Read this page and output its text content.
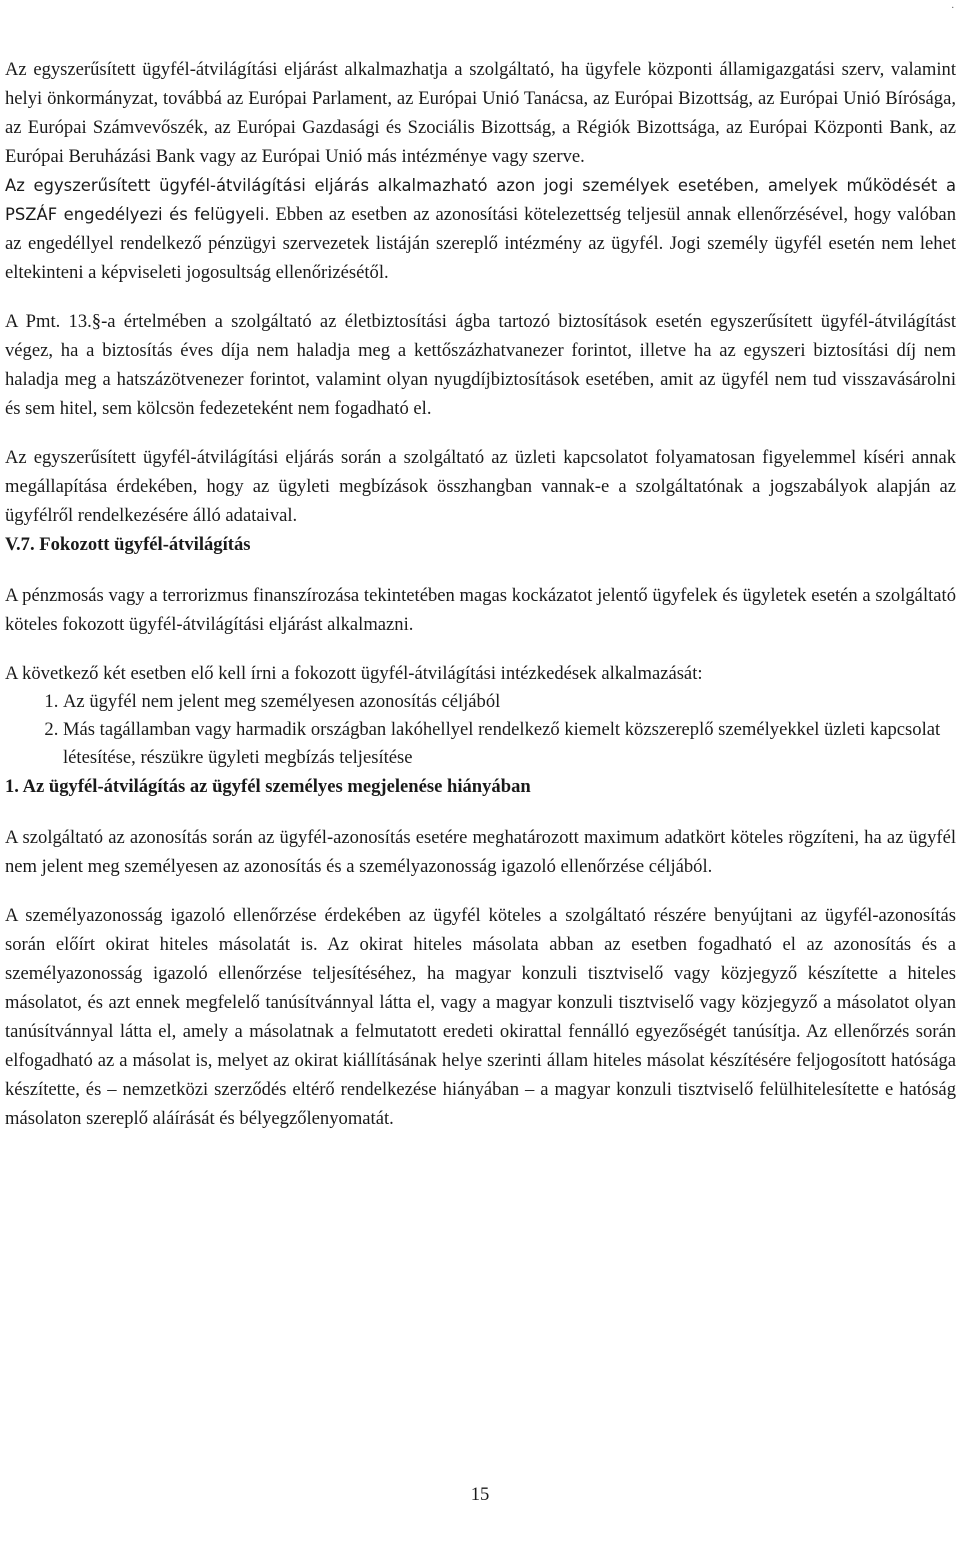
.

Az egyszerűsített ügyfél-átvilágítási eljárást alkalmazhatja a szolgáltató, ha ügyfele központi államigazgatási szerv, valamint helyi önkormányzat, továbbá az Európai Parlament, az Európai Unió Tanácsa, az Európai Bizottság, az Európai Unió Bírósága, az Európai Számvevőszék, az Európai Gazdasági és Szociális Bizottság, a Régiók Bizottsága, az Európai Központi Bank, az Európai Beruházási Bank vagy az Európai Unió más intézménye vagy szerve.

Az egyszerűsített ügyfél-átvilágítási eljárás alkalmazható azon jogi személyek esetében, amelyek működését a PSZÁF engedélyezi és felügyeli. Ebben az esetben az azonosítási kötelezettség teljesül annak ellenőrzésével, hogy valóban az engedéllyel rendelkező pénzügyi szervezetek listáján szereplő intézmény az ügyfél. Jogi személy ügyfél esetén nem lehet eltekinteni a képviseleti jogosultság ellenőrizésétől.

A Pmt. 13.§-a értelmében a szolgáltató az életbiztosítási ágba tartozó biztosítások esetén egyszerűsített ügyfél-átvilágítást végez, ha a biztosítás éves díja nem haladja meg a kettőszázhatvanezer forintot, illetve ha az egyszeri biztosítási díj nem haladja meg a hatszázötvenezer forintot, valamint olyan nyugdíjbiztosítások esetében, amit az ügyfél nem tud visszavásárolni és sem hitel, sem kölcsön fedezeteként nem fogadható el.

Az egyszerűsített ügyfél-átvilágítási eljárás során a szolgáltató az üzleti kapcsolatot folyamatosan figyelemmel kíséri annak megállapítása érdekében, hogy az ügyleti megbízások összhangban vannak-e a szolgáltatónak a jogszabályok alapján az ügyfélről rendelkezésére álló adataival.

V.7. Fokozott ügyfél-átvilágítás

A pénzmosás vagy a terrorizmus finanszírozása tekintetében magas kockázatot jelentő ügyfelek és ügyletek esetén a szolgáltató köteles fokozott ügyfél-átvilágítási eljárást alkalmazni.

A következő két esetben elő kell írni a fokozott ügyfél-átvilágítási intézkedések alkalmazását:

1. Az ügyfél nem jelent meg személyesen azonosítás céljából
2. Más tagállamban vagy harmadik országban lakóhellyel rendelkező kiemelt közszereplő személyekkel üzleti kapcsolat létesítése, részükre ügyleti megbízás teljesítése

1. Az ügyfél-átvilágítás az ügyfél személyes megjelenése hiányában

A szolgáltató az azonosítás során az ügyfél-azonosítás esetére meghatározott maximum adatkört köteles rögzíteni, ha az ügyfél nem jelent meg személyesen az azonosítás és a személyazonosság igazoló ellenőrzése céljából.

A személyazonosság igazoló ellenőrzése érdekében az ügyfél köteles a szolgáltató részére benyújtani az ügyfél-azonosítás során előírt okirat hiteles másolatát is. Az okirat hiteles másolata abban az esetben fogadható el az azonosítás és a személyazonosság igazoló ellenőrzése teljesítéséhez, ha magyar konzuli tisztviselő vagy közjegyző készítette a hiteles másolatot, és azt ennek megfelelő tanúsítvánnyal látta el, vagy a magyar konzuli tisztviselő vagy közjegyző a másolatot olyan tanúsítvánnyal látta el, amely a másolatnak a felmutatott eredeti okirattal fennálló egyezőségét tanúsítja. Az ellenőrzés során elfogadható az a másolat is, melyet az okirat kiállításának helye szerinti állam hiteles másolat készítésére feljogosított hatósága készítette, és – nemzetközi szerződés eltérő rendelkezése hiányában – a magyar konzuli tisztviselő felülhitelesítette e hatóság másolaton szereplő aláírását és bélyegzőlenyomatát.

15
